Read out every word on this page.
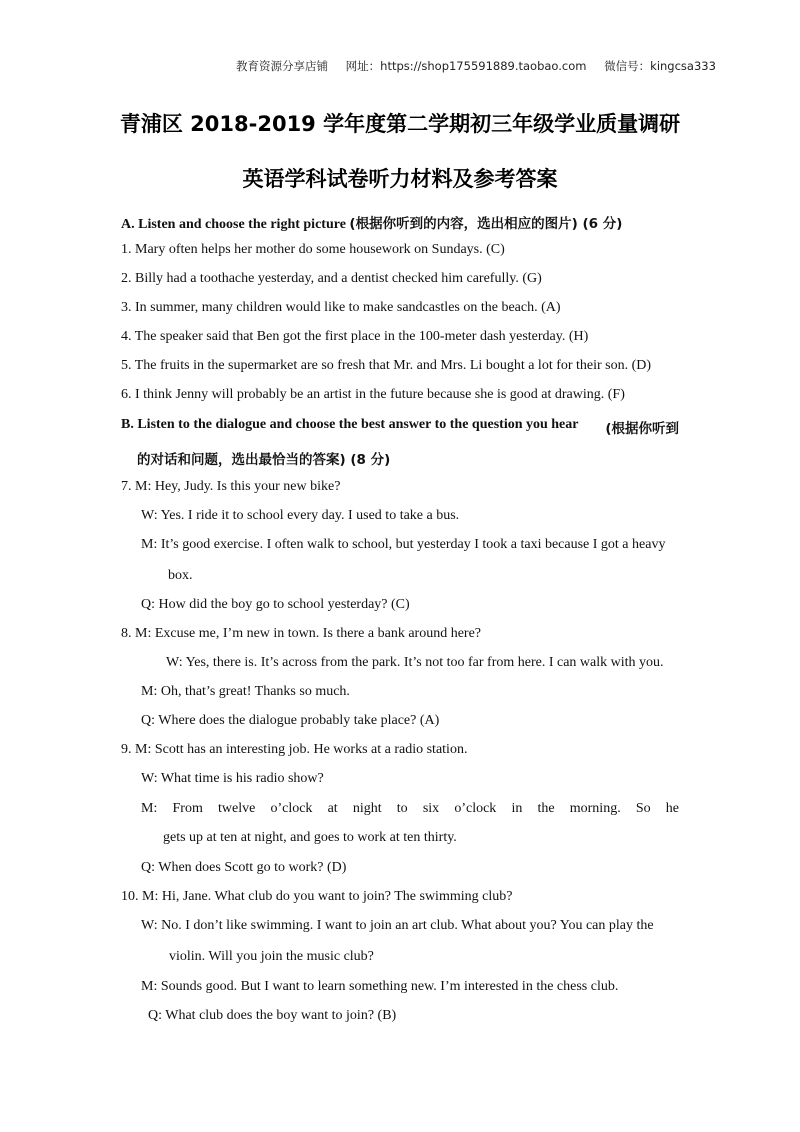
教育资源分享店铺 网址：https://shop175591889.taobao.com 微信号：kingcsa333
青浦区 2018-2019 学年度第二学期初三年级学业质量调研
英语学科试卷听力材料及参考答案
A. Listen and choose the right picture (根据你听到的内容，选出相应的图片) (6 分)
1. Mary often helps her mother do some housework on Sundays. (C)
2. Billy had a toothache yesterday, and a dentist checked him carefully. (G)
3. In summer, many children would like to make sandcastles on the beach. (A)
4. The speaker said that Ben got the first place in the 100-meter dash yesterday. (H)
5. The fruits in the supermarket are so fresh that Mr. and Mrs. Li bought a lot for their son. (D)
6. I think Jenny will probably be an artist in the future because she is good at drawing. (F)
B. Listen to the dialogue and choose the best answer to the question you hear (根据你听到
的对话和问题，选出最恰当的答案) (8 分)
7. M: Hey, Judy. Is this your new bike?
W: Yes. I ride it to school every day. I used to take a bus.
M: It’s good exercise. I often walk to school, but yesterday I took a taxi because I got a heavy
box.
Q: How did the boy go to school yesterday? (C)
8. M: Excuse me, I’m new in town. Is there a bank around here?
W: Yes, there is. It’s across from the park. It’s not too far from here. I can walk with you.
M: Oh, that’s great! Thanks so much.
Q: Where does the dialogue probably take place? (A)
9. M: Scott has an interesting job. He works at a radio station.
W: What time is his radio show?
M: From twelve o’clock at night to six o’clock in the morning. So he
gets up at ten at night, and goes to work at ten thirty.
Q: When does Scott go to work? (D)
10. M: Hi, Jane. What club do you want to join? The swimming club?
W: No. I don’t like swimming. I want to join an art club. What about you? You can play the
violin. Will you join the music club?
M: Sounds good. But I want to learn something new. I’m interested in the chess club.
Q: What club does the boy want to join? (B)
